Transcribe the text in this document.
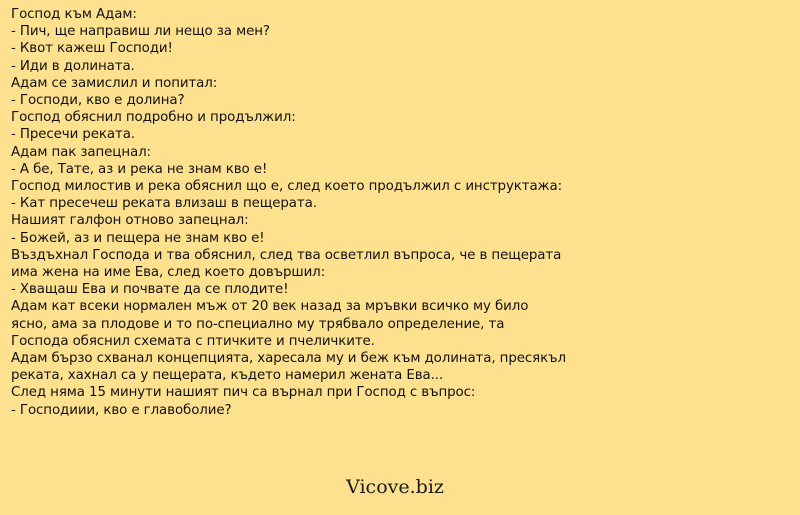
Господ към Адам:
- Пич, ще направиш ли нещо за мен?
- Квот кажеш Господи!
- Иди в долината.
Адам се замислил и попитал:
- Господи, кво е долина?
Господ обяснил подробно и продължил:
- Пресечи реката.
Адам пак запецнал:
- А бе, Тате, аз и река не знам кво е!
Господ милостив и река обяснил що е, след което продължил с инструктажа:
- Кат пресечеш реката влизаш в пещерата.
Нашият галфон отново запецнал:
- Божей, аз и пещера не знам кво е!
Въздъхнал Господа и тва обяснил, след тва осветлил въпроса, че в пещерата
има жена на име Ева, след което довършил:
- Хващаш Ева и почвате да се плодите!
Адам кат всеки нормален мъж от 20 век назад за мръвки всичко му било
ясно, ама за плодове и то по-специално му трябвало определение, та
Господа обяснил схемата с птичките и пчеличките.
Адам бързо схванал концепцията, харесала му и беж към долината, пресякъл
реката, хахнал са у пещерата, където намерил жената Ева...
След няма 15 минути нашият пич са върнал при Господ с въпрос:
- Господиии, кво е главоболие?
Vicove.biz
